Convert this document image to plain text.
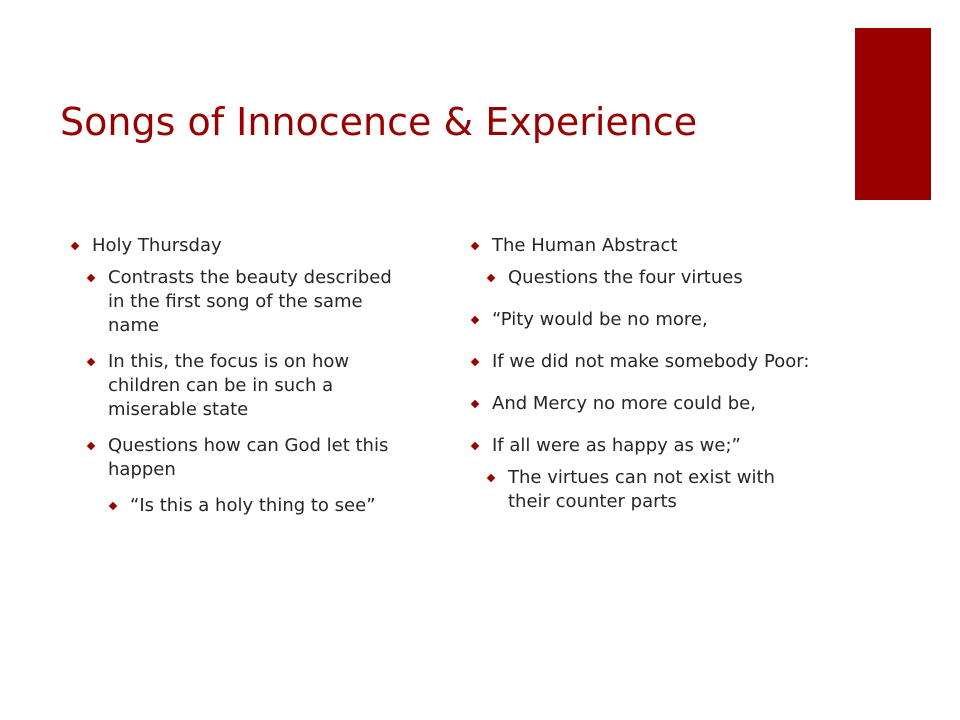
Songs of Innocence & Experience
Holy Thursday
Contrasts the beauty described in the first song of the same name
In this, the focus is on how children can be in such a miserable state
Questions how can God let this happen
“Is this a holy thing to see”
The Human Abstract
Questions the four virtues
“Pity would be no more,
If we did not make somebody Poor:
And Mercy no more could be,
If all were as happy as we;”
The virtues can not exist with their counter parts
